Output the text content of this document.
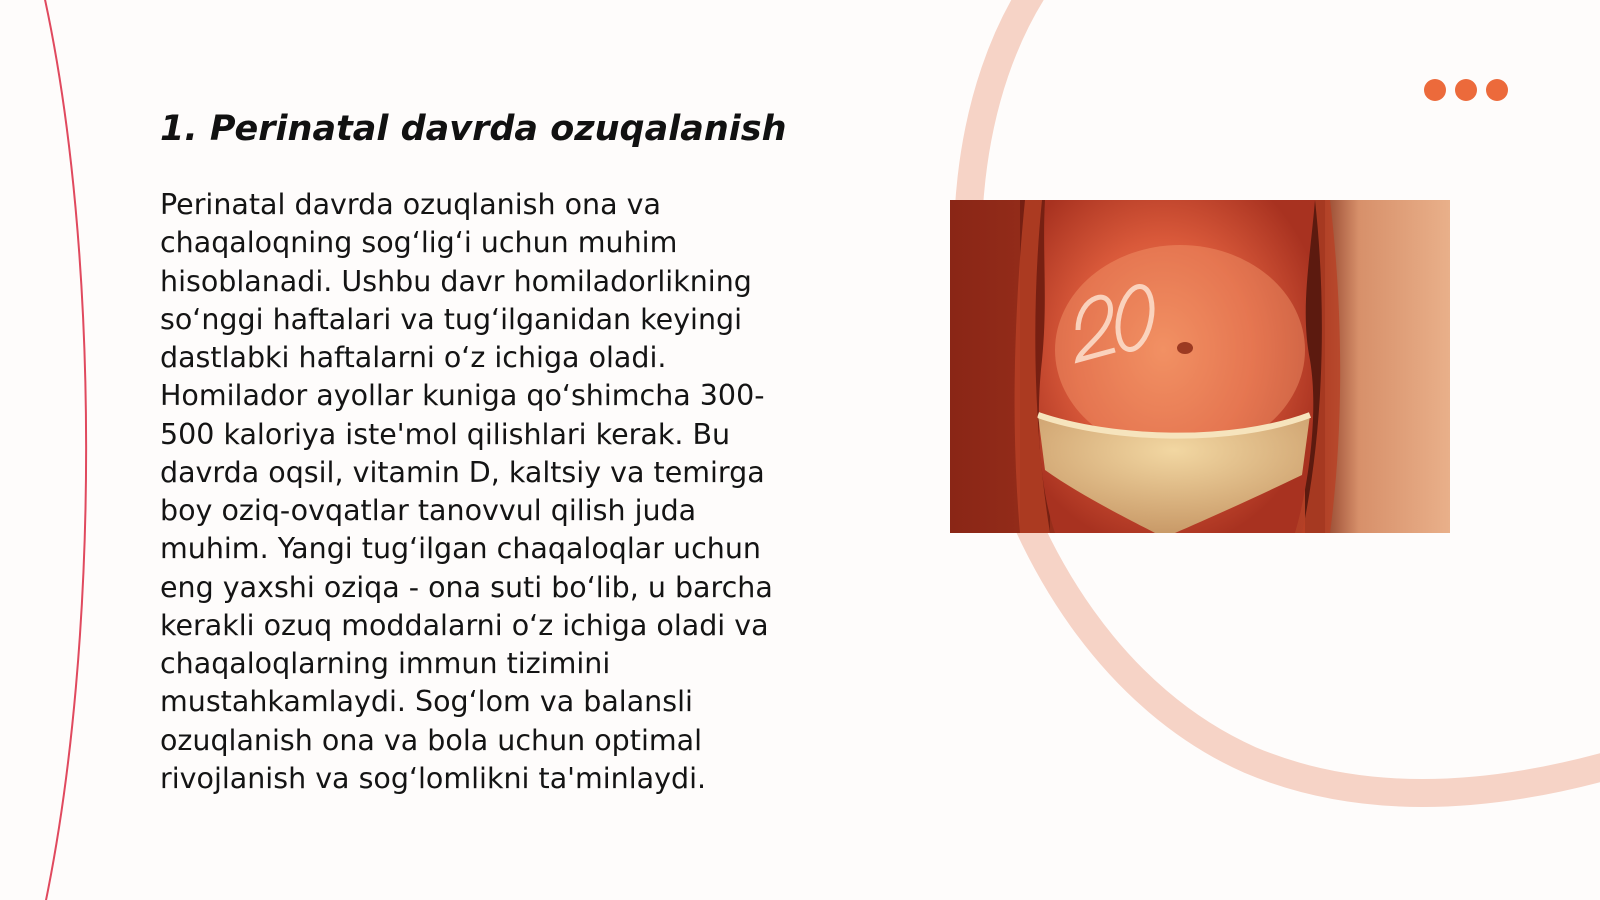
1. Perinatal davrda ozuqalanish

Perinatal davrda ozuqlanish ona va chaqaloqning sog‘lig‘i uchun muhim hisoblanadi. Ushbu davr homiladorlikning so‘nggi haftalari va tug‘ilganidan keyingi dastlabki haftalarni o‘z ichiga oladi. Homilador ayollar kuniga qo‘shimcha 300-500 kaloriya iste'mol qilishlari kerak. Bu davrda oqsil, vitamin D, kaltsiy va temirga boy oziq-ovqatlar tanovvul qilish juda muhim. Yangi tug‘ilgan chaqaloqlar uchun eng yaxshi oziqa - ona suti bo‘lib, u barcha kerakli ozuq moddalarni o‘z ichiga oladi va chaqaloqlarning immun tizimini mustahkamlaydi. Sog‘lom va balansli ozuqlanish ona va bola uchun optimal rivojlanish va sog‘lomlikni ta'minlaydi.
